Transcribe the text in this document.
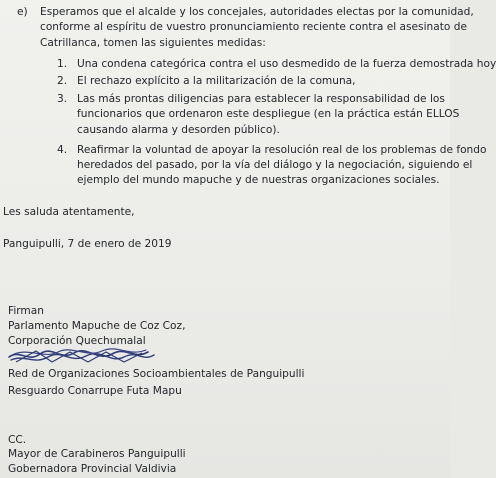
e) Esperamos que el alcalde y los concejales, autoridades electas por la comunidad,
conforme al espíritu de vuestro pronunciamiento reciente contra el asesinato de
Catrillanca, tomen las siguientes medidas:
1. Una condena categórica contra el uso desmedido de la fuerza demostrada hoy
2. El rechazo explícito a la militarización de la comuna,
3. Las más prontas diligencias para establecer la responsabilidad de los
funcionarios que ordenaron este despliegue (en la práctica están ELLOS
causando alarma y desorden público).
4. Reafirmar la voluntad de apoyar la resolución real de los problemas de fondo
heredados del pasado, por la vía del diálogo y la negociación, siguiendo el
ejemplo del mundo mapuche y de nuestras organizaciones sociales.
Les saluda atentamente,
Panguipulli, 7 de enero de 2019
Firman
Parlamento Mapuche de Coz Coz,
Corporación Quechumalal

Red de Organizaciones Socioambientales de Panguipulli
Resguardo Conarrupe Futa Mapu
CC.
Mayor de Carabineros Panguipulli
Gobernadora Provincial Valdivia
